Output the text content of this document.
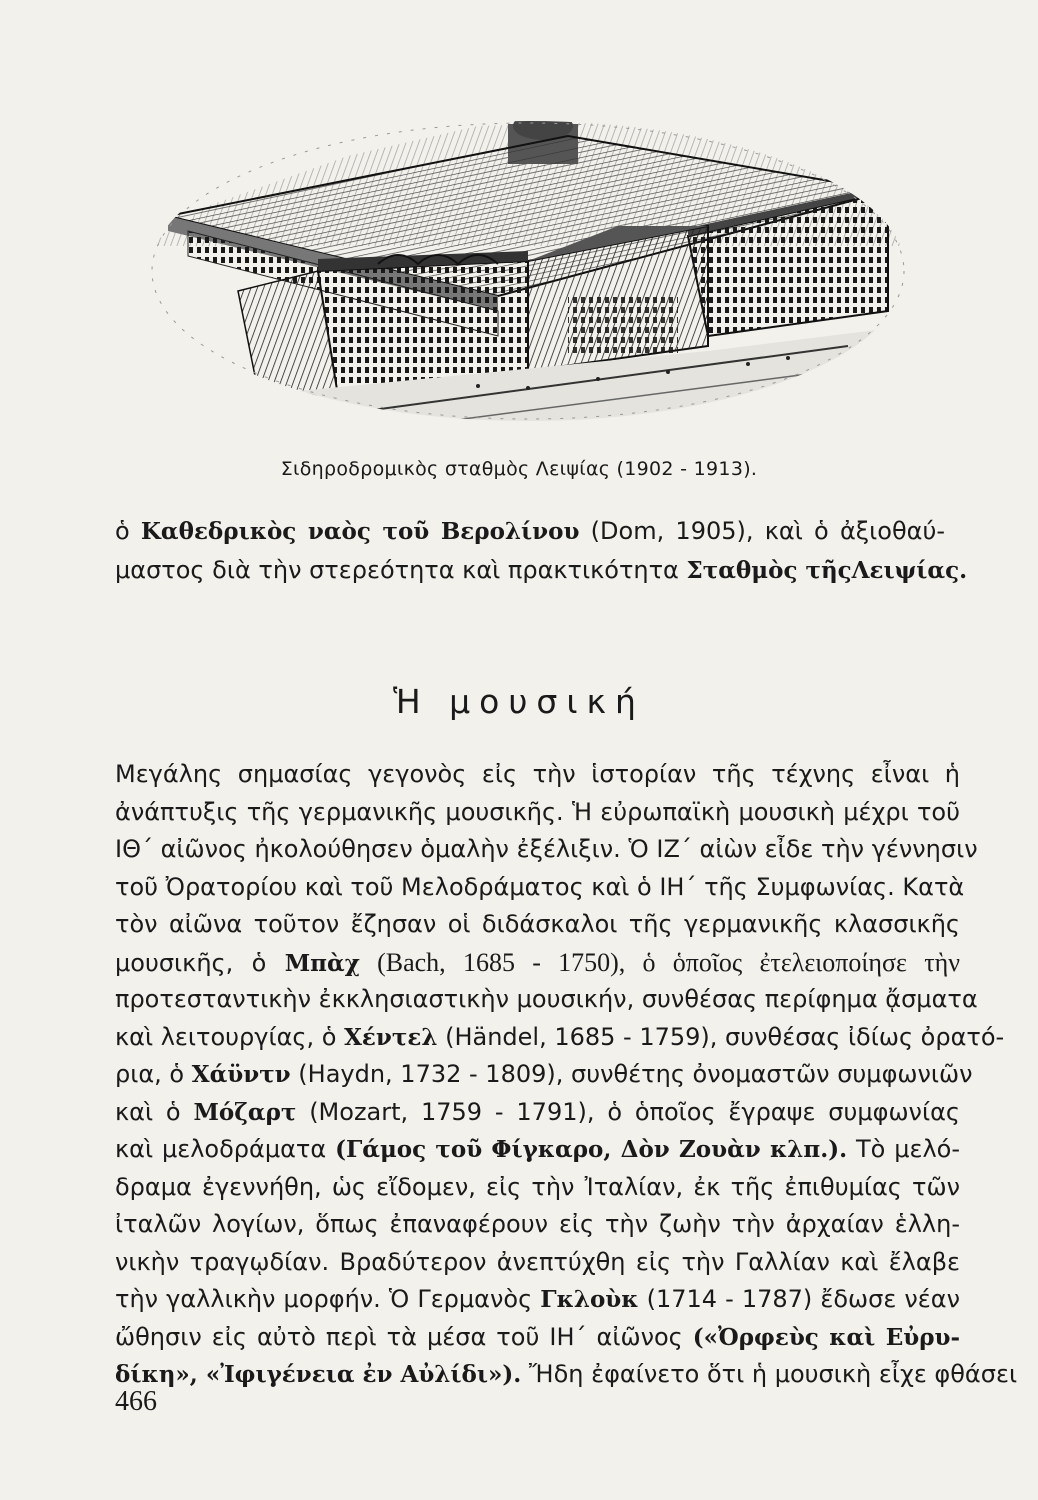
Σιδηροδρομικὸς σταθμὸς Λειψίας (1902 - 1913).
ὁ Καθεδρικὸς ναὸς τοῦ Βερολίνου (Dom, 1905), καὶ ὁ ἀξιοθαύ-
μαστος διὰ τὴν στερεότητα καὶ πρακτικότητα Σταθμὸς τῆςΛειψίας.
Ἡ μουσική
Μεγάλης σημασίας γεγονὸς εἰς τὴν ἱστορίαν τῆς τέχνης εἶναι ἡ
ἀνάπτυξις τῆς γερμανικῆς μουσικῆς. Ἡ εὐρωπαϊκὴ μουσικὴ μέχρι τοῦ
ΙΘ΄ αἰῶνος ἠκολούθησεν ὁμαλὴν ἐξέλιξιν. Ὁ ΙΖ΄ αἰὼν εἶδε τὴν γέννησιν
τοῦ Ὀρατορίου καὶ τοῦ Μελοδράματος καὶ ὁ ΙΗ΄ τῆς Συμφωνίας. Κατὰ
τὸν αἰῶνα τοῦτον ἔζησαν οἱ διδάσκαλοι τῆς γερμανικῆς κλασσικῆς
μουσικῆς, ὁ Μπὰχ (Bach, 1685 - 1750), ὁ ὁποῖος ἐτελειοποίησε τὴν
προτεσταντικὴν ἐκκλησιαστικὴν μουσικήν, συνθέσας περίφημα ᾄσματα
καὶ λειτουργίας, ὁ Χέντελ (Händel, 1685 - 1759), συνθέσας ἰδίως ὀρατό-
ρια, ὁ Χάϋντν (Haydn, 1732 - 1809), συνθέτης ὀνομαστῶν συμφωνιῶν
καὶ ὁ Μόζαρτ (Mozart, 1759 - 1791), ὁ ὁποῖος ἔγραψε συμφωνίας
καὶ μελοδράματα (Γάμος τοῦ Φίγκαρο, Δὸν Ζουὰν κλπ.). Τὸ μελό-
δραμα ἐγεννήθη, ὡς εἴδομεν, εἰς τὴν Ἰταλίαν, ἐκ τῆς ἐπιθυμίας τῶν
ἰταλῶν λογίων, ὅπως ἐπαναφέρουν εἰς τὴν ζωὴν τὴν ἀρχαίαν ἑλλη-
νικὴν τραγῳδίαν. Βραδύτερον ἀνεπτύχθη εἰς τὴν Γαλλίαν καὶ ἔλαβε
τὴν γαλλικὴν μορφήν. Ὁ Γερμανὸς Γκλοὺκ (1714 - 1787) ἔδωσε νέαν
ὤθησιν εἰς αὐτὸ περὶ τὰ μέσα τοῦ ΙΗ΄ αἰῶνος («Ὀρφεὺς καὶ Εὐρυ-
δίκη», «Ἰφιγένεια ἐν Αὐλίδι»). Ἤδη ἐφαίνετο ὅτι ἡ μουσικὴ εἶχε φθάσει
466
